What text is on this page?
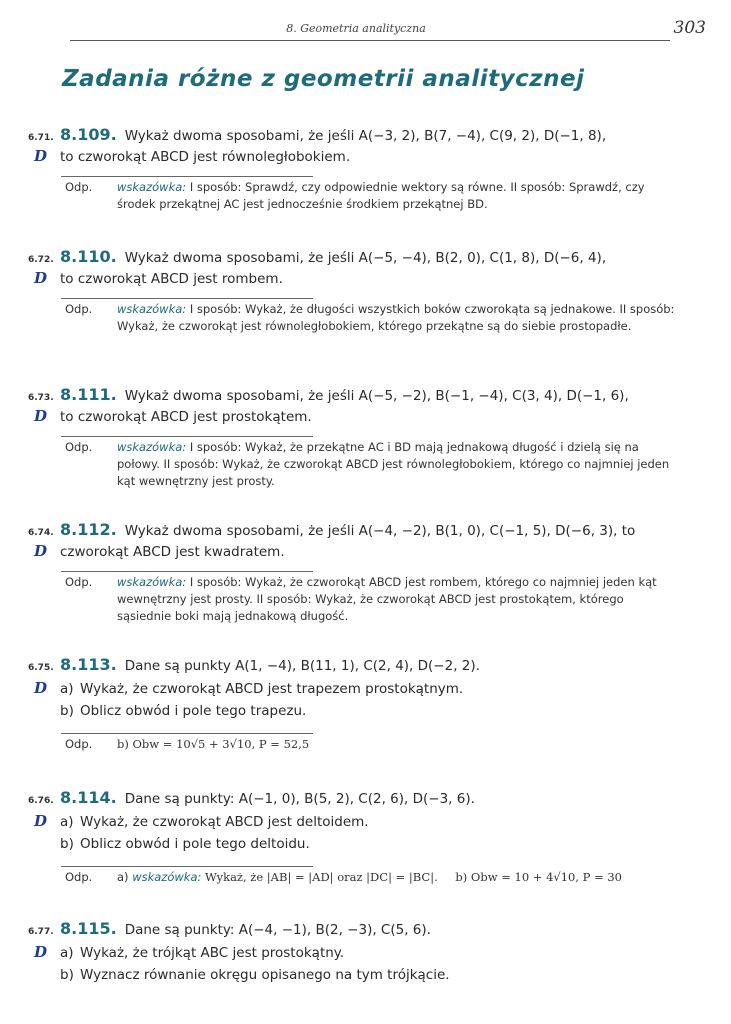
8. Geometria analityczna	303
Zadania różne z geometrii analitycznej
6.71. 8.109. Wykaż dwoma sposobami, że jeśli A(−3, 2), B(7, −4), C(9, 2), D(−1, 8),
D to czworokąt ABCD jest równoległobokiem.
Odp.	wskazówka: I sposób: Sprawdź, czy odpowiednie wektory są równe. II sposób: Sprawdź, czy środek przekątnej AC jest jednocześnie środkiem przekątnej BD.
6.72. 8.110. Wykaż dwoma sposobami, że jeśli A(−5, −4), B(2, 0), C(1, 8), D(−6, 4),
D to czworokąt ABCD jest rombem.
Odp.	wskazówka: I sposób: Wykaż, że długości wszystkich boków czworokąta są jednakowe. II sposób: Wykaż, że czworokąt jest równoległobokiem, którego przekątne są do siebie prostopadłe.
6.73. 8.111. Wykaż dwoma sposobami, że jeśli A(−5, −2), B(−1, −4), C(3, 4), D(−1, 6),
D to czworokąt ABCD jest prostokątem.
Odp.	wskazówka: I sposób: Wykaż, że przekątne AC i BD mają jednakową długość i dzielą się na połowy. II sposób: Wykaż, że czworokąt ABCD jest równoległobokiem, którego co najmniej jeden kąt wewnętrzny jest prosty.
6.74. 8.112. Wykaż dwoma sposobami, że jeśli A(−4, −2), B(1, 0), C(−1, 5), D(−6, 3), to
D czworokąt ABCD jest kwadratem.
Odp.	wskazówka: I sposób: Wykaż, że czworokąt ABCD jest rombem, którego co najmniej jeden kąt wewnętrzny jest prosty. II sposób: Wykaż, że czworokąt ABCD jest prostokątem, którego sąsiednie boki mają jednakową długość.
6.75. 8.113. Dane są punkty A(1, −4), B(11, 1), C(2, 4), D(−2, 2).
D a) Wykaż, że czworokąt ABCD jest trapezem prostokątnym.
b) Oblicz obwód i pole tego trapezu.
Odp.	b) Obw = 10√5 + 3√10, P = 52,5
6.76. 8.114. Dane są punkty: A(−1, 0), B(5, 2), C(2, 6), D(−3, 6).
D a) Wykaż, że czworokąt ABCD jest deltoidem.
b) Oblicz obwód i pole tego deltoidu.
Odp.	a) wskazówka: Wykaż, że |AB| = |AD| oraz |DC| = |BC|. b) Obw = 10 + 4√10, P = 30
6.77. 8.115. Dane są punkty: A(−4, −1), B(2, −3), C(5, 6).
D a) Wykaż, że trójkąt ABC jest prostokątny.
b) Wyznacz równanie okręgu opisanego na tym trójkącie.
